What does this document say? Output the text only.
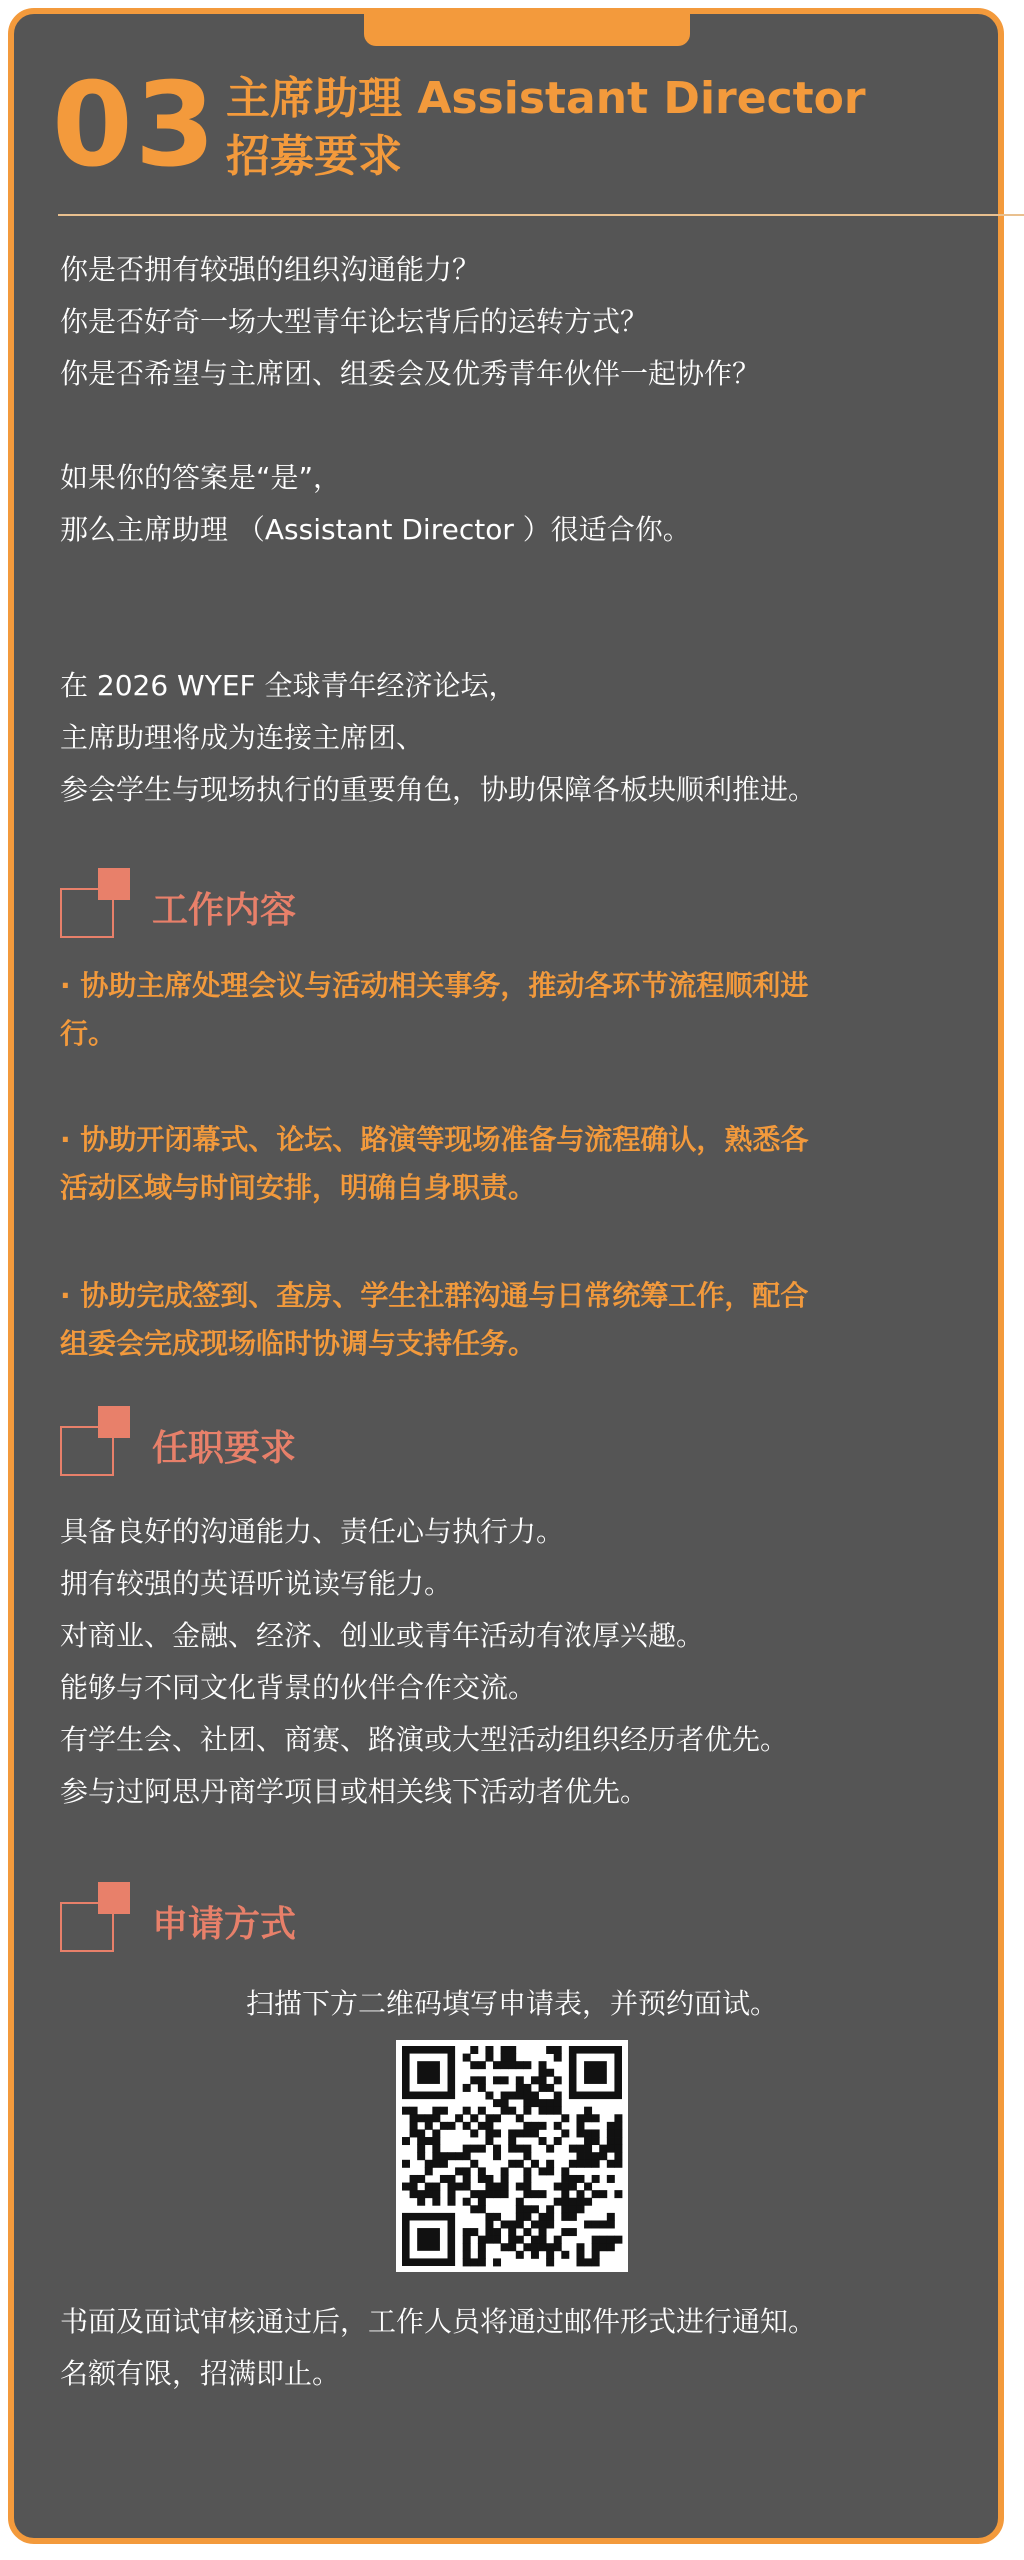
03 主席助理 Assistant Director
招募要求
你是否拥有较强的组织沟通能力？
你是否好奇一场大型青年论坛背后的运转方式？
你是否希望与主席团、组委会及优秀青年伙伴一起协作？
如果你的答案是“是”，
那么主席助理 （Assistant Director ）很适合你。
在 2026 WYEF 全球青年经济论坛，
主席助理将成为连接主席团、
参会学生与现场执行的重要角色，协助保障各板块顺利推进。
工作内容
· 协助主席处理会议与活动相关事务，推动各环节流程顺利进
行。
· 协助开闭幕式、论坛、路演等现场准备与流程确认，熟悉各
活动区域与时间安排，明确自身职责。
· 协助完成签到、查房、学生社群沟通与日常统筹工作，配合
组委会完成现场临时协调与支持任务。
任职要求
具备良好的沟通能力、责任心与执行力。
拥有较强的英语听说读写能力。
对商业、金融、经济、创业或青年活动有浓厚兴趣。
能够与不同文化背景的伙伴合作交流。
有学生会、社团、商赛、路演或大型活动组织经历者优先。
参与过阿思丹商学项目或相关线下活动者优先。
申请方式
扫描下方二维码填写申请表，并预约面试。
书面及面试审核通过后，工作人员将通过邮件形式进行通知。
名额有限，招满即止。
